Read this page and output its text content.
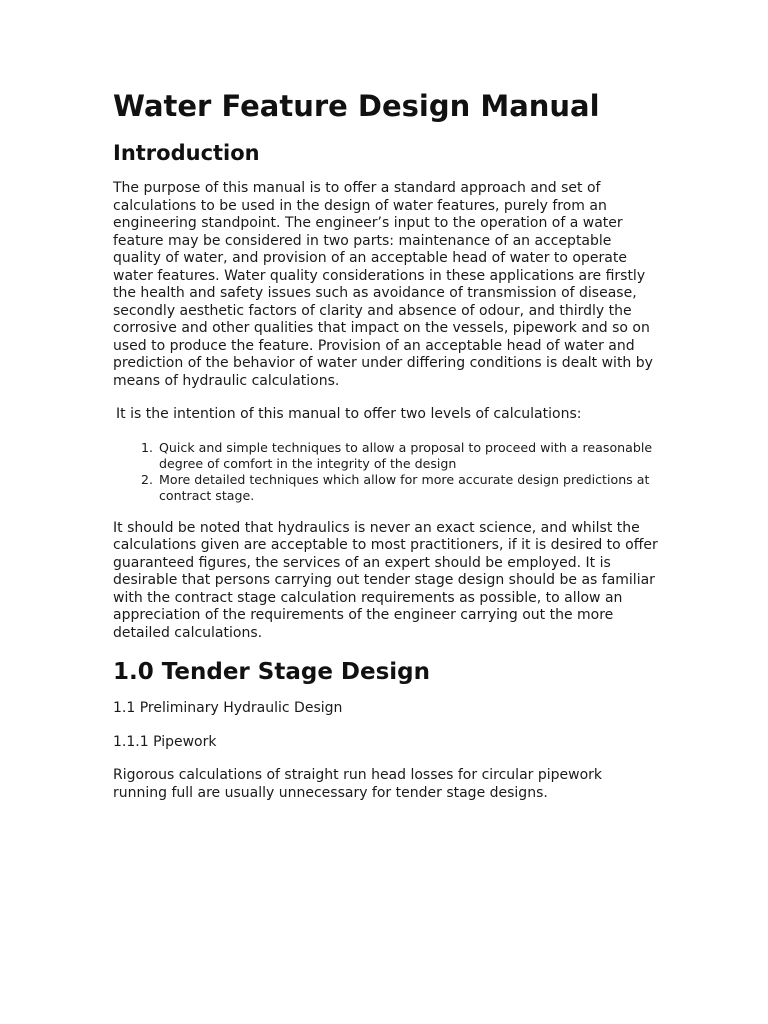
Water Feature Design Manual
Introduction

The purpose of this manual is to offer a standard approach and set of calculations to be used in the design of water features, purely from an engineering standpoint. The engineer’s input to the operation of a water feature may be considered in two parts: maintenance of an acceptable quality of water, and provision of an acceptable head of water to operate water features. Water quality considerations in these applications are firstly the health and safety issues such as avoidance of transmission of disease, secondly aesthetic factors of clarity and absence of odour, and thirdly the corrosive and other qualities that impact on the vessels, pipework and so on used to produce the feature. Provision of an acceptable head of water and prediction of the behavior of water under differing conditions is dealt with by means of hydraulic calculations.

It is the intention of this manual to offer two levels of calculations:

1. Quick and simple techniques to allow a proposal to proceed with a reasonable degree of comfort in the integrity of the design
2. More detailed techniques which allow for more accurate design predictions at contract stage.

It should be noted that hydraulics is never an exact science, and whilst the calculations given are acceptable to most practitioners, if it is desired to offer guaranteed figures, the services of an expert should be employed. It is desirable that persons carrying out tender stage design should be as familiar with the contract stage calculation requirements as possible, to allow an appreciation of the requirements of the engineer carrying out the more detailed calculations.

1.0 Tender Stage Design

1.1 Preliminary Hydraulic Design

1.1.1 Pipework

Rigorous calculations of straight run head losses for circular pipework running full are usually unnecessary for tender stage designs.
